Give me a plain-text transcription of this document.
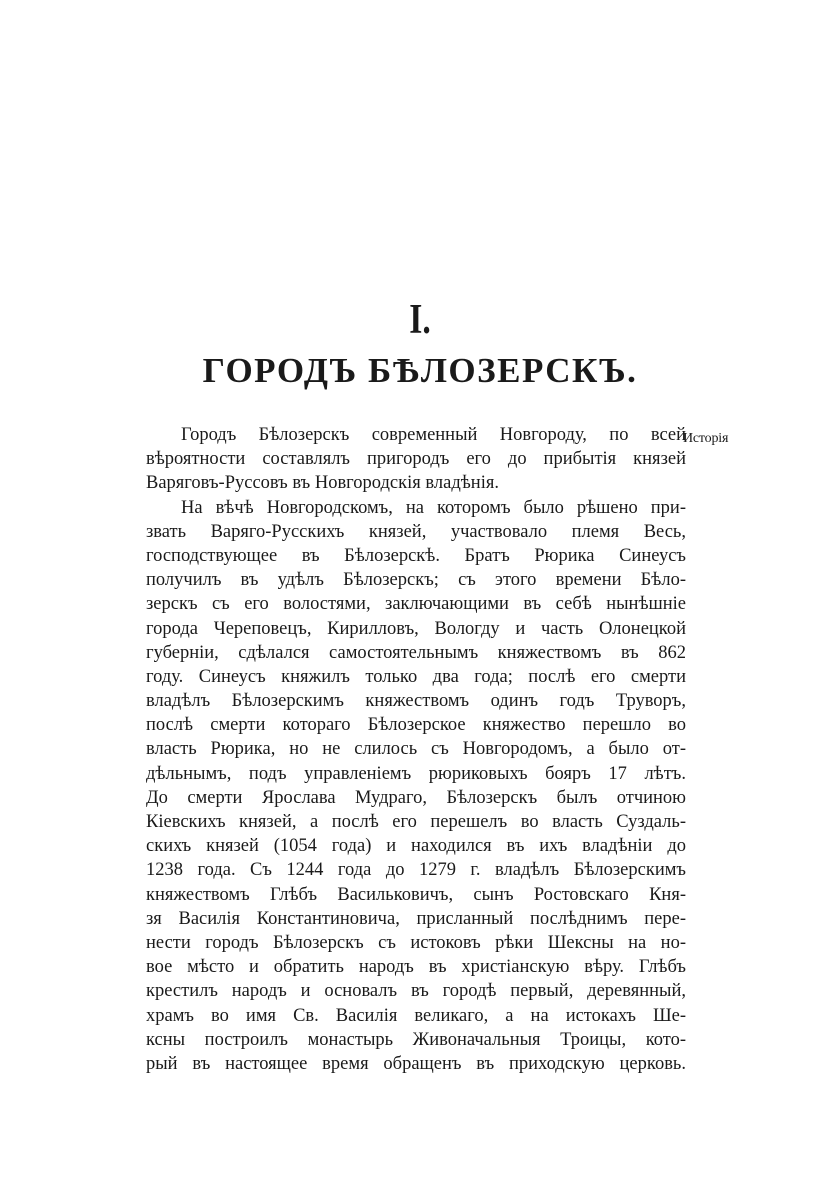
I.
ГОРОДЪ БѢЛОЗЕРСКЪ.
Исторія
Городъ Бѣлозерскъ современный Новгороду, по всей
вѣроятности составлялъ пригородъ его до прибытія князей
Варяговъ-Руссовъ въ Новгородскія владѣнія.
На вѣчѣ Новгородскомъ, на которомъ было рѣшено при-
звать Варяго-Русскихъ князей, участвовало племя Весь,
господствующее въ Бѣлозерскѣ. Братъ Рюрика Синеусъ
получилъ въ удѣлъ Бѣлозерскъ; съ этого времени Бѣло-
зерскъ съ его волостями, заключающими въ себѣ нынѣшніе
города Череповецъ, Кирилловъ, Вологду и часть Олонецкой
губерніи, сдѣлался самостоятельнымъ княжествомъ въ 862
году. Синеусъ княжилъ только два года; послѣ его смерти
владѣлъ Бѣлозерскимъ княжествомъ одинъ годъ Труворъ,
послѣ смерти котораго Бѣлозерское княжество перешло во
власть Рюрика, но не слилось съ Новгородомъ, а было от-
дѣльнымъ, подъ управленіемъ рюриковыхъ бояръ 17 лѣтъ.
До смерти Ярослава Мудраго, Бѣлозерскъ былъ отчиною
Кіевскихъ князей, а послѣ его перешелъ во власть Суздаль-
скихъ князей (1054 года) и находился въ ихъ владѣніи до
1238 года. Съ 1244 года до 1279 г. владѣлъ Бѣлозерскимъ
княжествомъ Глѣбъ Васильковичъ, сынъ Ростовскаго Кня-
зя Василія Константиновича, присланный послѣднимъ пере-
нести городъ Бѣлозерскъ съ истоковъ рѣки Шексны на но-
вое мѣсто и обратить народъ въ христіанскую вѣру. Глѣбъ
крестилъ народъ и основалъ въ городѣ первый, деревянный,
храмъ во имя Св. Василія великаго, а на истокахъ Ше-
ксны построилъ монастырь Живоначальныя Троицы, кото-
рый въ настоящее время обращенъ въ приходскую церковь.
